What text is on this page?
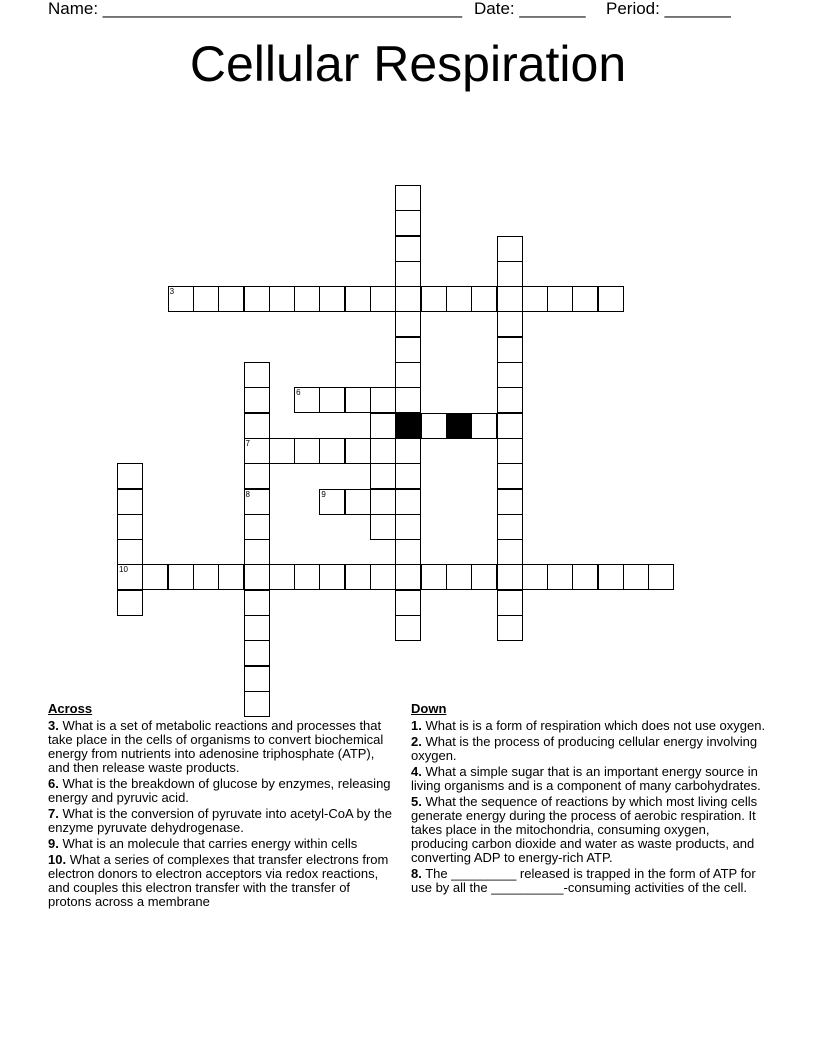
Name: ______________________________________ Date: _______ Period: _______
Cellular Respiration
3
6
7
9
10
8
Across
3. What is a set of metabolic reactions and processes that take place in the cells of organisms to convert biochemical energy from nutrients into adenosine triphosphate (ATP), and then release waste products.
6. What is the breakdown of glucose by enzymes, releasing energy and pyruvic acid.
7. What is the conversion of pyruvate into acetyl-CoA by the enzyme pyruvate dehydrogenase.
9. What is an molecule that carries energy within cells
10. What a series of complexes that transfer electrons from electron donors to electron acceptors via redox reactions, and couples this electron transfer with the transfer of protons across a membrane
Down
1. What is is a form of respiration which does not use oxygen.
2. What is the process of producing cellular energy involving oxygen.
4. What a simple sugar that is an important energy source in living organisms and is a component of many carbohydrates.
5. What the sequence of reactions by which most living cells generate energy during the process of aerobic respiration. It takes place in the mitochondria, consuming oxygen, producing carbon dioxide and water as waste products, and converting ADP to energy-rich ATP.
8. The _________ released is trapped in the form of ATP for use by all the __________-consuming activities of the cell.
